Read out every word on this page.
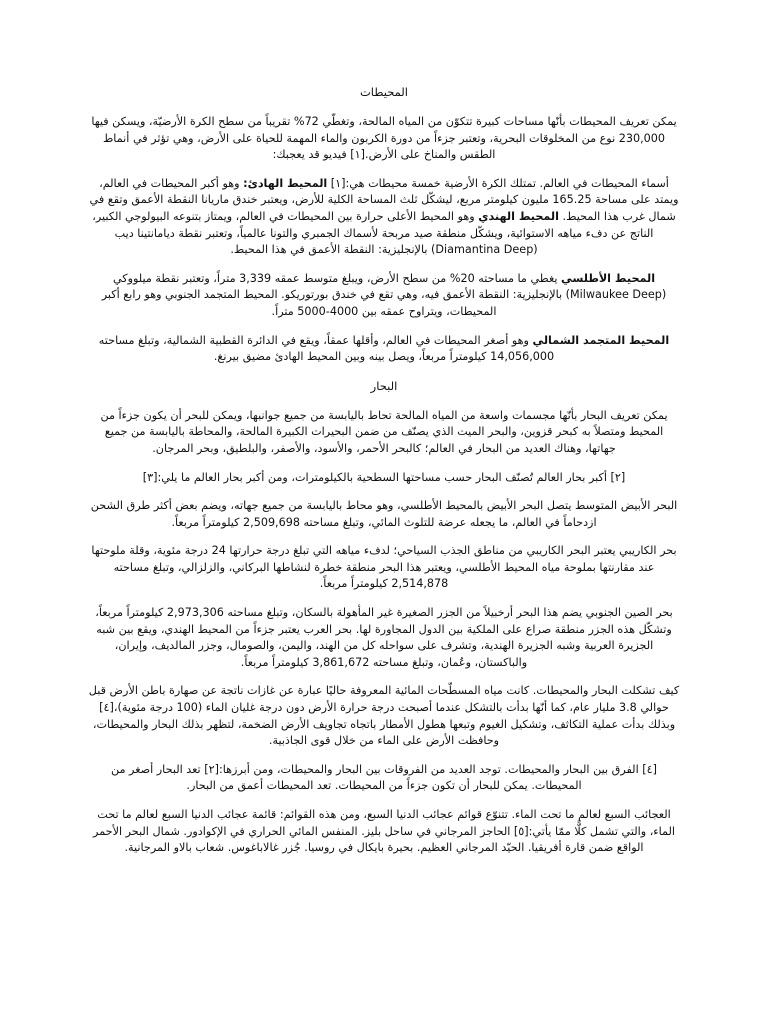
المحيطات

يمكن تعريف المحيطات بأنّها مساحات كبيرة تتكوّن من المياه المالحة، وتغطّي 72% تقريباً من سطح الكرة الأرضيّة، ويسكن فيها 230,000 نوع من المخلوقات البحرية، وتعتبر جزءاً من دورة الكربون والماء المهمة للحياة على الأرض، وهي تؤثر في أنماط الطقس والمناخ على الأرض.[١] فيديو قد يعجبك:

أسماء المحيطات في العالم. تمتلك الكرة الأرضية خمسة محيطات هي:[١] المحيط الهادئ: وهو أكبر المحيطات في العالم، ويمتد على مساحة 165.25 مليون كيلومتر مربع، ليشكّل ثلث المساحة الكلية للأرض، ويعتبر خندق ماريانا النقطة الأعمق وتقع في شمال غرب هذا المحيط. المحيط الهندي وهو المحيط الأعلى حرارة بين المحيطات في العالم، ويمتاز بتنوعه البيولوجي الكبير، الناتج عن دفء مياهه الاستوائية، ويشكّل منطقة صيد مربحة لأسماك الجمبري والتونا عالمياً، وتعتبر نقطة ديامانتينا ديب (Diamantina Deep) بالإنجليزية: النقطة الأعمق في هذا المحيط.

المحيط الأطلسي يغطي ما مساحته 20% من سطح الأرض، ويبلغ متوسط عمقه 3,339 متراً، وتعتبر نقطة ميلووكي (Milwaukee Deep) بالإنجليزية: النقطة الأعمق فيه، وهي تقع في خندق بورتوريكو. المحيط المتجمد الجنوبي وهو رابع أكبر المحيطات، ويتراوح عمقه بين 4000-5000 متراً.

المحيط المتجمد الشمالي وهو أصغر المحيطات في العالم، وأقلها عمقاً، ويقع في الدائرة القطبية الشمالية، وتبلغ مساحته 14,056,000 كيلومتراً مربعاً، ويصل بينه وبين المحيط الهادئ مضيق بيرنغ.

البحار

يمكن تعريف البحار بأنّها مجسمات واسعة من المياه المالحة تحاط باليابسة من جميع جوانبها، ويمكن للبحر أن يكون جزءاً من المحيط ومتصلاً به كبحر قزوين، والبحر الميت الذي يصنّف من ضمن البحيرات الكبيرة المالحة، والمحاطة باليابسة من جميع جهاتها، وهناك العديد من البحار في العالم؛ كالبحر الأحمر، والأسود، والأصفر، والبلطيق، وبحر المرجان.

[٢] أكبر بحار العالم تُصنّف البحار حسب مساحتها السطحية بالكيلومترات، ومن أكبر بحار العالم ما يلي:[٣]

البحر الأبيض المتوسط يتصل البحر الأبيض بالمحيط الأطلسي، وهو محاط باليابسة من جميع جهاته، ويضم بعض أكثر طرق الشحن ازدحاماً في العالم، ما يجعله عرضة للتلوث المائي، وتبلغ مساحته 2,509,698 كيلومتراً مربعاً.

بحر الكاريبي يعتبر البحر الكاريبي من مناطق الجذب السياحي؛ لدفء مياهه التي تبلغ درجة حرارتها 24 درجة مئوية، وقلة ملوحتها عند مقارنتها بملوحة مياه المحيط الأطلسي، ويعتبر هذا البحر منطقة خطرة لنشاطها البركاني، والزلزالي، وتبلغ مساحته 2,514,878 كيلومتراً مربعاً.

بحر الصين الجنوبي يضم هذا البحر أرخبيلاً من الجزر الصغيرة غير المأهولة بالسكان، وتبلغ مساحته 2,973,306 كيلومتراً مربعاً، وتشكّل هذه الجزر منطقة صراع على الملكية بين الدول المجاورة لها. بحر العرب يعتبر جزءاً من المحيط الهندي، ويقع بين شبه الجزيرة العربية وشبه الجزيرة الهندية، وتشرف على سواحله كل من الهند، واليمن، والصومال، وجزر المالديف، وإيران، والباكستان، وعُمان، وتبلغ مساحته 3,861,672 كيلومتراً مربعاً.

كيف تشكلت البحار والمحيطات. كانت مياه المسطّحات المائية المعروفة حاليًا عبارة عن غازات ناتجة عن صهارة باطن الأرض قبل حوالي 3.8 مليار عام، كما أنّها بدأت بالتشكل عندما أصبحت درجة حرارة الأرض دون درجة غليان الماء (100 درجة مئوية)،[٤] وبذلك بدأت عملية التكاثف، وتشكيل الغيوم وتبعها هطول الأمطار باتجاه تجاويف الأرض الضخمة، لتظهر بذلك البحار والمحيطات، وحافظت الأرض على الماء من خلال قوى الجاذبية.

[٤] الفرق بين البحار والمحيطات. توجد العديد من الفروقات بين البحار والمحيطات، ومن أبرزها:[٢] تعد البحار أصغر من المحيطات. يمكن للبحار أن تكون جزءاً من المحيطات. تعد المحيطات أعمق من البحار.

العجائب السبع لعالم ما تحت الماء. تتنوّع قوائم عجائب الدنيا السبع، ومن هذه القوائم: قائمة عجائب الدنيا السبع لعالم ما تحت الماء، والتي تشمل كلًّا ممّا يأتي:[٥] الحاجز المرجاني في ساحل بليز. المنفس المائي الحراري في الإكوادور. شمال البحر الأحمر الواقع ضمن قارة أفريقيا. الحيّد المرجاني العظيم. بحيرة بايكال في روسيا. جُزر غالاباغوس. شعاب بالاو المرجانية.
